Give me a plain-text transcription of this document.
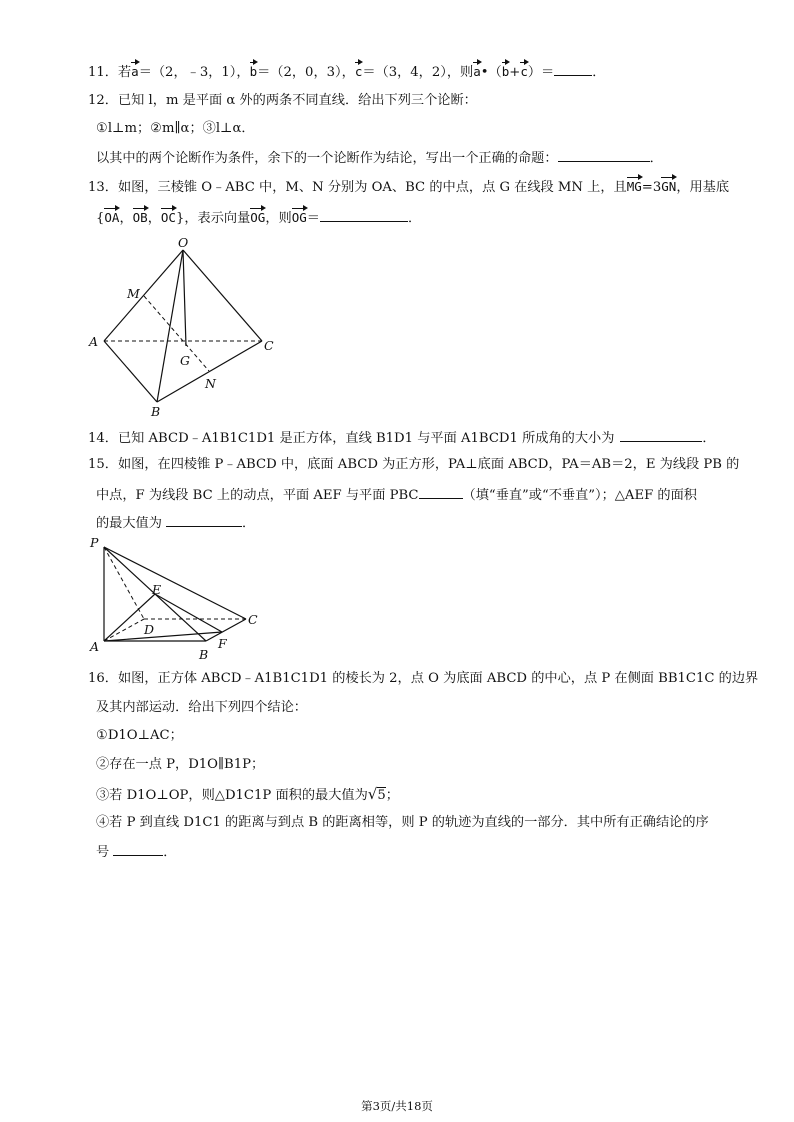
11．若a＝（2，﹣3，1），b＝（2，0，3），c＝（3，4，2），则a•（b+c）＝	．
12．已知 l，m 是平面 α 外的两条不同直线．给出下列三个论断：
①l⊥m；②m∥α；③l⊥α．
以其中的两个论断作为条件，余下的一个论断作为结论，写出一个正确的命题：	．
13．如图，三棱锥 O﹣ABC 中，M、N 分别为 OA、BC 的中点，点 G 在线段 MN 上，且MG=3GN，用基底
{OA，OB，OC}，表示向量OG，则OG＝	．
O
M
A	C
G
N
B
P
E
C
D
A	F
B
14．已知 ABCD﹣A1B1C1D1 是正方体，直线 B1D1 与平面 A1BCD1 所成角的大小为	．
15．如图，在四棱锥 P﹣ABCD 中，底面 ABCD 为正方形，PA⊥底面 ABCD，PA＝AB＝2，E 为线段 PB 的
中点，F 为线段 BC 上的动点，平面 AEF 与平面 PBC	（填“垂直”或“不垂直”）；△AEF 的面积
的最大值为	．
16．如图，正方体 ABCD﹣A1B1C1D1 的棱长为 2，点 O 为底面 ABCD 的中心，点 P 在侧面 BB1C1C 的边界
及其内部运动．给出下列四个结论：
①D1O⊥AC；
②存在一点 P，D1O∥B1P；
③若 D1O⊥OP，则△D1C1P 面积的最大值为√5；
④若 P 到直线 D1C1 的距离与到点 B 的距离相等，则 P 的轨迹为直线的一部分．其中所有正确结论的序
号	．
第3页/共18页
